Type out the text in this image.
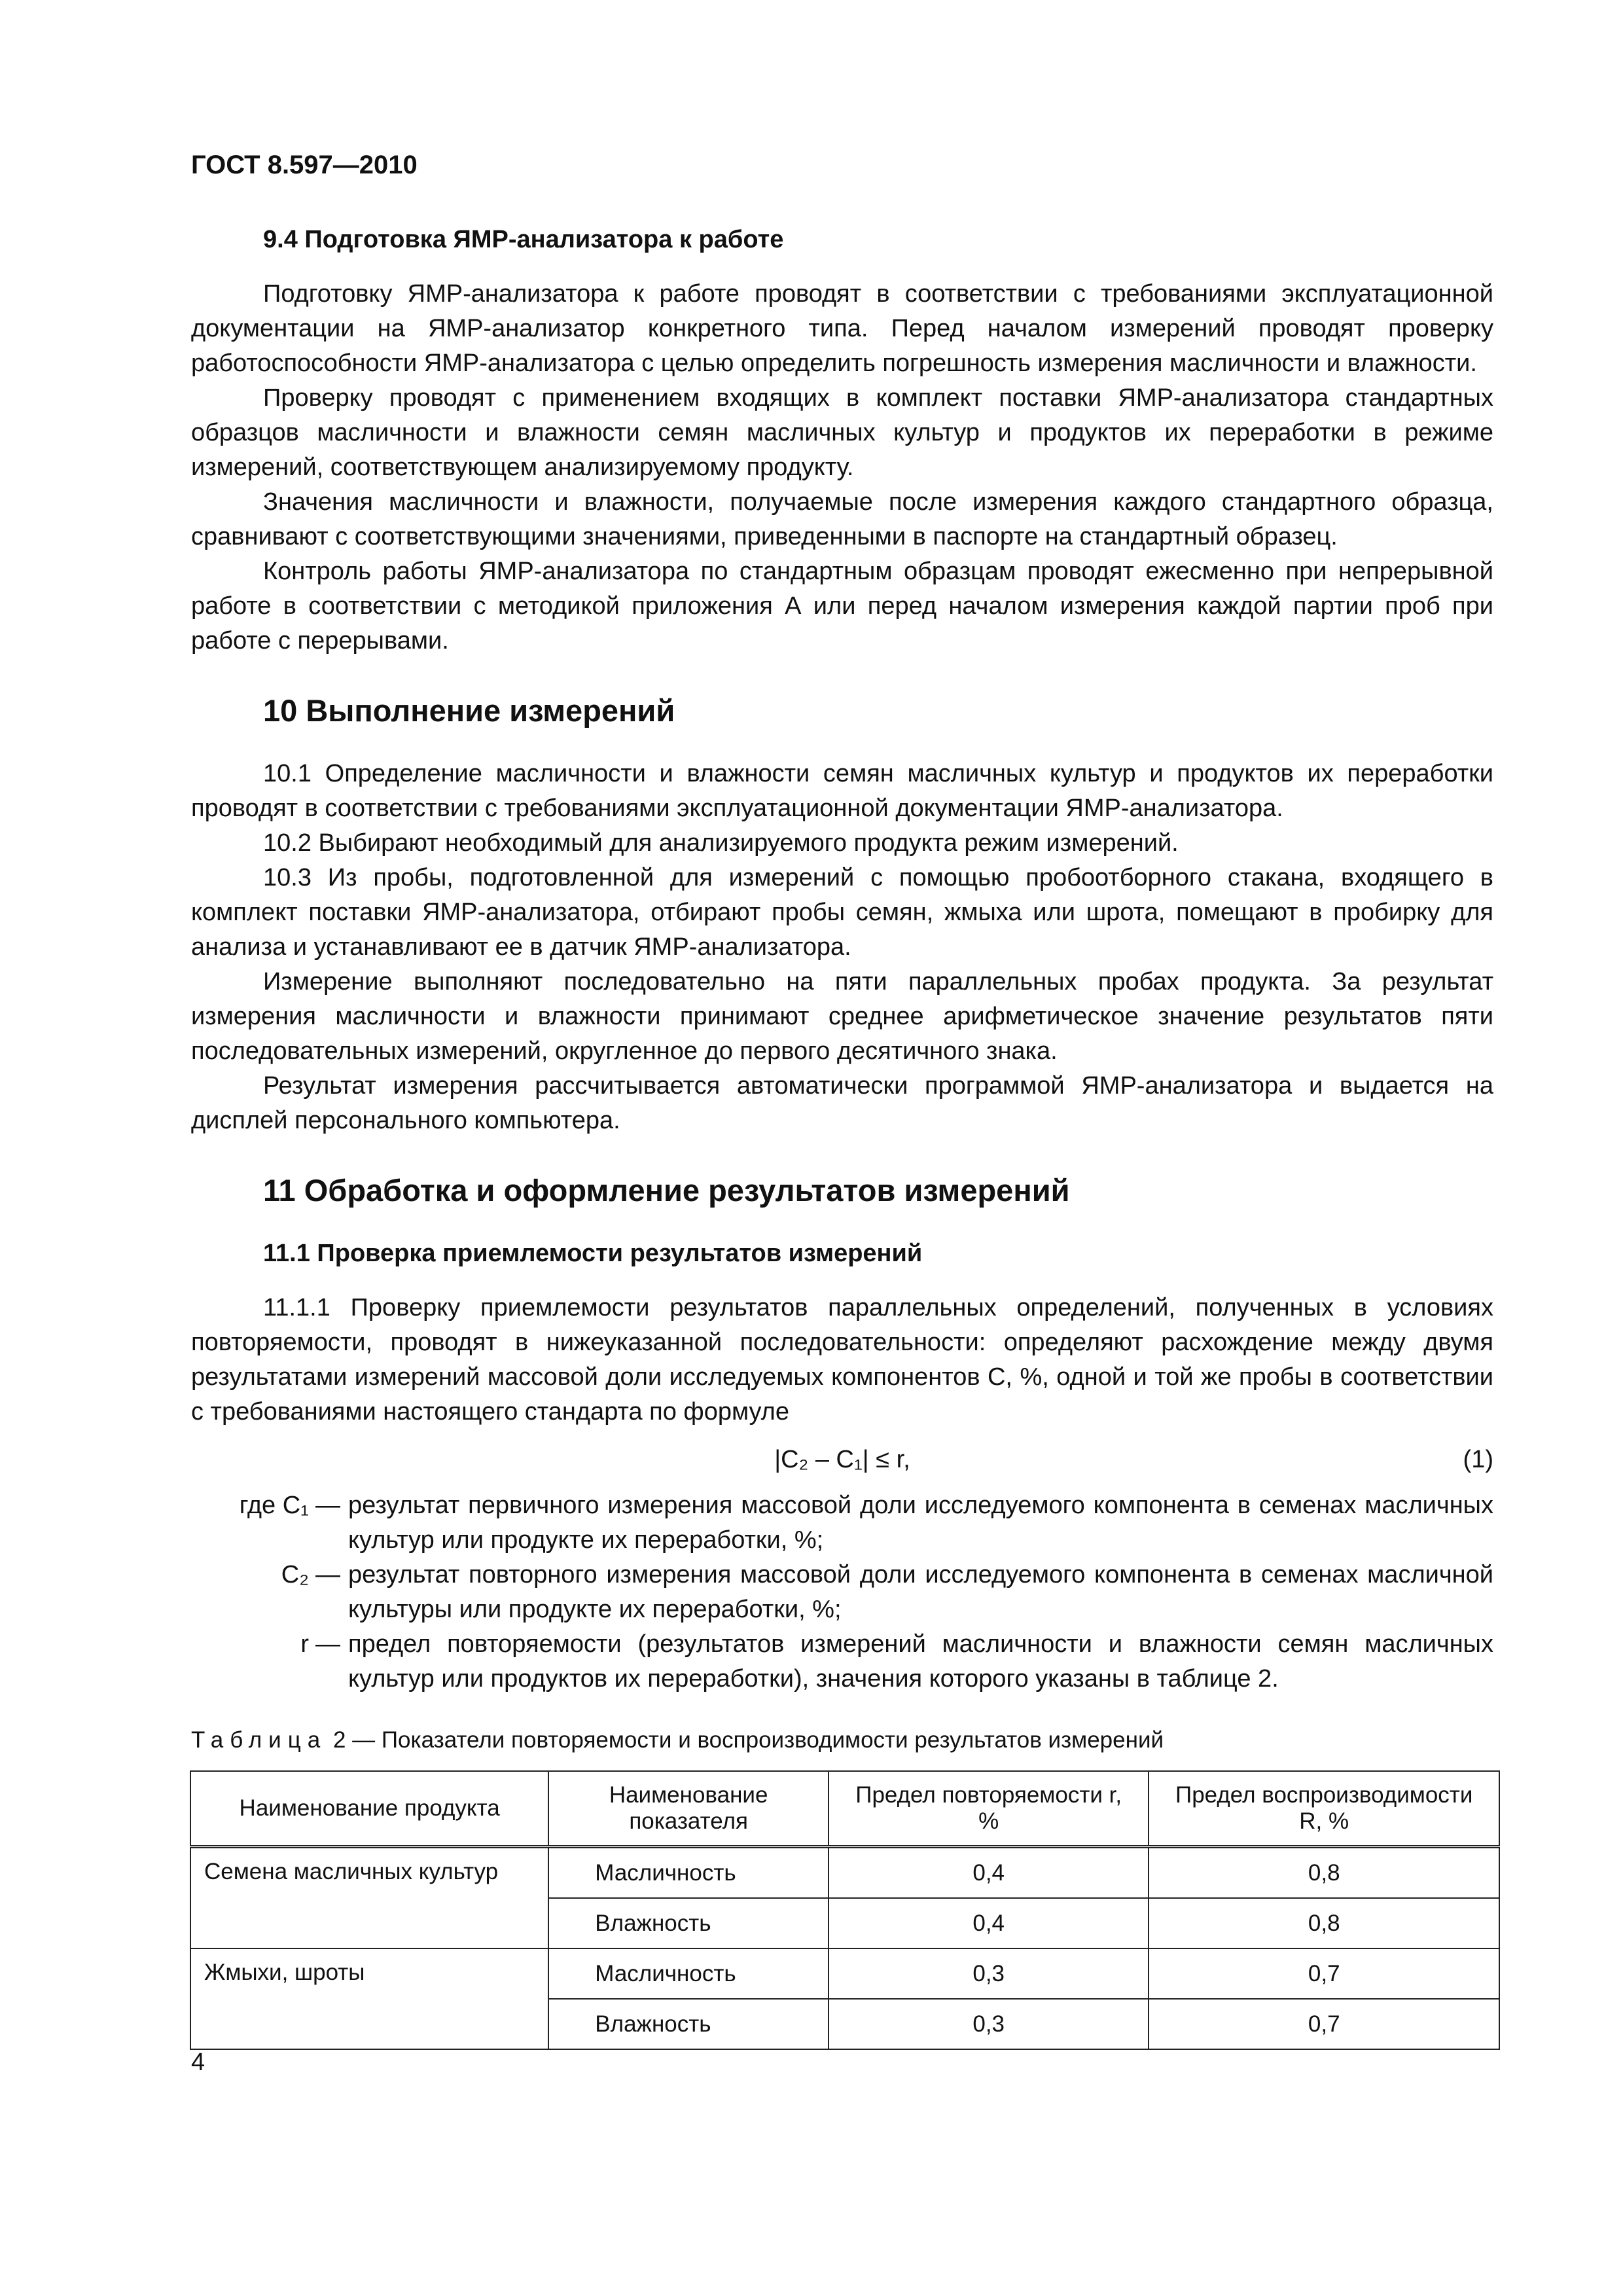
ГОСТ 8.597—2010
9.4 Подготовка ЯМР-анализатора к работе

Подготовку ЯМР-анализатора к работе проводят в соответствии с требованиями эксплуатационной документации на ЯМР-анализатор конкретного типа. Перед началом измерений проводят проверку работоспособности ЯМР-анализатора с целью определить погрешность измерения масличности и влажности.

Проверку проводят с применением входящих в комплект поставки ЯМР-анализатора стандартных образцов масличности и влажности семян масличных культур и продуктов их переработки в режиме измерений, соответствующем анализируемому продукту.

Значения масличности и влажности, получаемые после измерения каждого стандартного образца, сравнивают с соответствующими значениями, приведенными в паспорте на стандартный образец.

Контроль работы ЯМР-анализатора по стандартным образцам проводят ежесменно при непрерывной работе в соответствии с методикой приложения А или перед началом измерения каждой партии проб при работе с перерывами.

10 Выполнение измерений

10.1 Определение масличности и влажности семян масличных культур и продуктов их переработки проводят в соответствии с требованиями эксплуатационной документации ЯМР-анализатора.

10.2 Выбирают необходимый для анализируемого продукта режим измерений.

10.3 Из пробы, подготовленной для измерений с помощью пробоотборного стакана, входящего в комплект поставки ЯМР-анализатора, отбирают пробы семян, жмыха или шрота, помещают в пробирку для анализа и устанавливают ее в датчик ЯМР-анализатора.

Измерение выполняют последовательно на пяти параллельных пробах продукта. За результат измерения масличности и влажности принимают среднее арифметическое значение результатов пяти последовательных измерений, округленное до первого десятичного знака.

Результат измерения рассчитывается автоматически программой ЯМР-анализатора и выдается на дисплей персонального компьютера.

11 Обработка и оформление результатов измерений
11.1 Проверка приемлемости результатов измерений

11.1.1 Проверку приемлемости результатов параллельных определений, полученных в условиях повторяемости, проводят в нижеуказанной последовательности: определяют расхождение между двумя результатами измерений массовой доли исследуемых компонентов С, %, одной и той же пробы в соответствии с требованиями настоящего стандарта по формуле

|C₂ – C₁| ≤ r,	(1)
где C₁ — результат первичного измерения массовой доли исследуемого компонента в семенах масличных культур или продукте их переработки, %;
C₂ — результат повторного измерения массовой доли исследуемого компонента в семенах масличной культуры или продукте их переработки, %;
r — предел повторяемости (результатов измерений масличности и влажности семян масличных культур или продуктов их переработки), значения которого указаны в таблице 2.
Таблица 2 — Показатели повторяемости и воспроизводимости результатов измерений
Наименование продукта	Наименование показателя	Предел повторяемости r, %	Предел воспроизводимости R, %
Семена масличных культур	Масличность	0,4	0,8
	Влажность	0,4	0,8
Жмыхи, шроты	Масличность	0,3	0,7
	Влажность	0,3	0,7
4
